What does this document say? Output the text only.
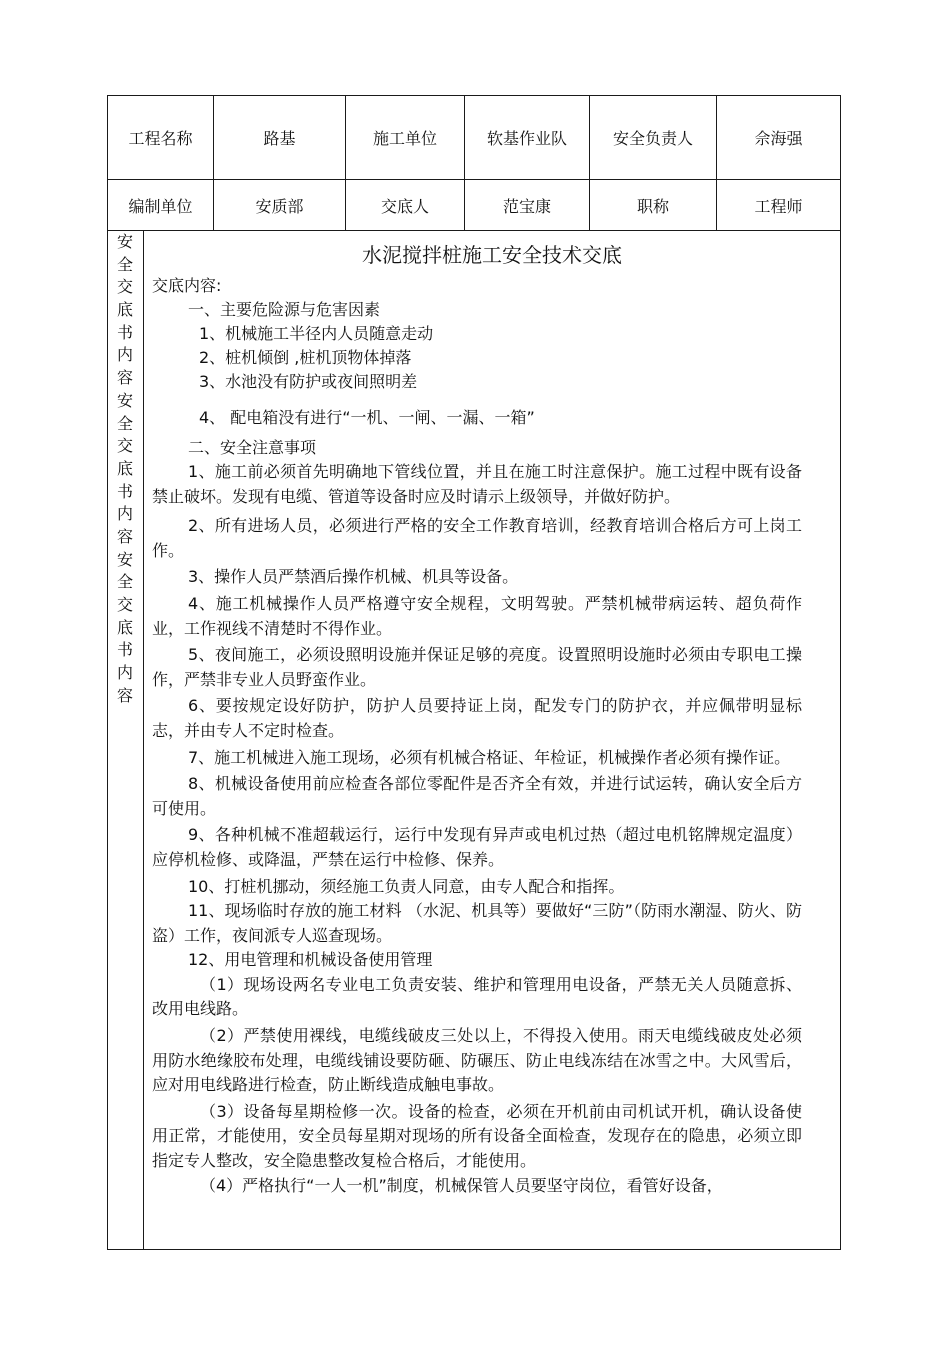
工程名称	路基	施工单位	软基作业队	安全负责人	佘海强
编制单位	安质部	交底人	范宝康	职称	工程师
安
全
交
底
书
内
容
安
全
交
底
书
内
容
安
全
交
底
书
内
容
水泥搅拌桩施工安全技术交底
交底内容:
一、主要危险源与危害因素
1、机械施工半径内人员随意走动
2、桩机倾倒 ,桩机顶物体掉落
3、水池没有防护或夜间照明差
4、 配电箱没有进行“一机、一闸、一漏、一箱”
二、安全注意事项
1、施工前必须首先明确地下管线位置，并且在施工时注意保护。施工过程中既有设备禁止破坏。发现有电缆、管道等设备时应及时请示上级领导，并做好防护。
2、所有进场人员，必须进行严格的安全工作教育培训，经教育培训合格后方可上岗工作。
3、操作人员严禁酒后操作机械、机具等设备。
4、施工机械操作人员严格遵守安全规程，文明驾驶。严禁机械带病运转、超负荷作业，工作视线不清楚时不得作业。
5、夜间施工，必须设照明设施并保证足够的亮度。设置照明设施时必须由专职电工操作，严禁非专业人员野蛮作业。
6、要按规定设好防护，防护人员要持证上岗，配发专门的防护衣，并应佩带明显标志，并由专人不定时检查。
7、施工机械进入施工现场，必须有机械合格证、年检证，机械操作者必须有操作证。
8、机械设备使用前应检查各部位零配件是否齐全有效，并进行试运转，确认安全后方可使用。
9、各种机械不准超载运行，运行中发现有异声或电机过热（超过电机铭牌规定温度）应停机检修、或降温，严禁在运行中检修、保养。
10、打桩机挪动，须经施工负责人同意，由专人配合和指挥。
11、现场临时存放的施工材料 （水泥、机具等）要做好“三防”（防雨水潮湿、防火、防盗）工作，夜间派专人巡查现场。
12、用电管理和机械设备使用管理
（1）现场设两名专业电工负责安装、维护和管理用电设备，严禁无关人员随意拆、改用电线路。
（2）严禁使用裸线，电缆线破皮三处以上，不得投入使用。雨天电缆线破皮处必须用防水绝缘胶布处理，电缆线铺设要防砸、防碾压、防止电线冻结在冰雪之中。大风雪后，应对用电线路进行检查，防止断线造成触电事故。
（3）设备每星期检修一次。设备的检查，必须在开机前由司机试开机，确认设备使用正常，才能使用，安全员每星期对现场的所有设备全面检查，发现存在的隐患，必须立即指定专人整改，安全隐患整改复检合格后，才能使用。
（4）严格执行“一人一机”制度，机械保管人员要坚守岗位，看管好设备，
